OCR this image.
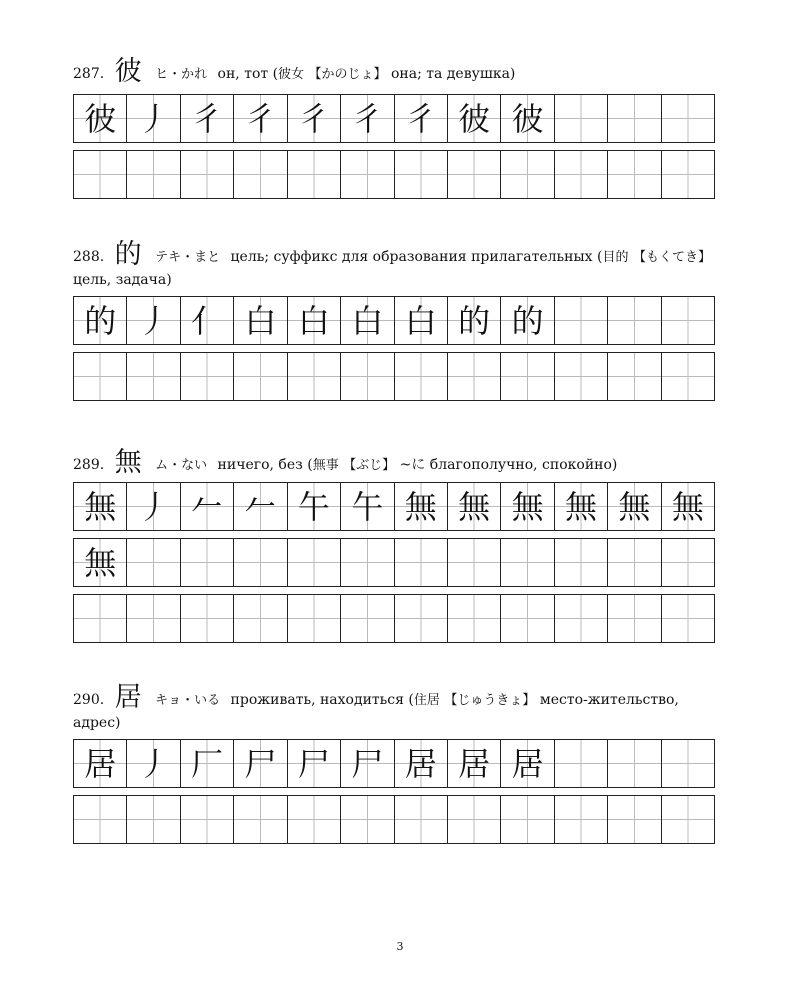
287. 彼 ヒ・かれ он, тот (彼女 【かのじょ】 она; та девушка)
彼 丿 彳 彳 彳 彳 彳 彼 彼
288. 的 テキ・まと цель; суффикс для образования прилагательных (目的 【もくてき】 цель, задача)
的 丿 亻 白 白 白 白 的 的
289. 無 ム・ない ничего, без (無事 【ぶじ】 ~に благополучно, спокойно)
無 丿 𠂉 𠂉 午 午 無 無 無 無 無 無
無
290. 居 キョ・いる проживать, находиться (住居 【じゅうきょ】 место-жительство, адрес)
居 丿 厂 尸 尸 尸 居 居 居
3
